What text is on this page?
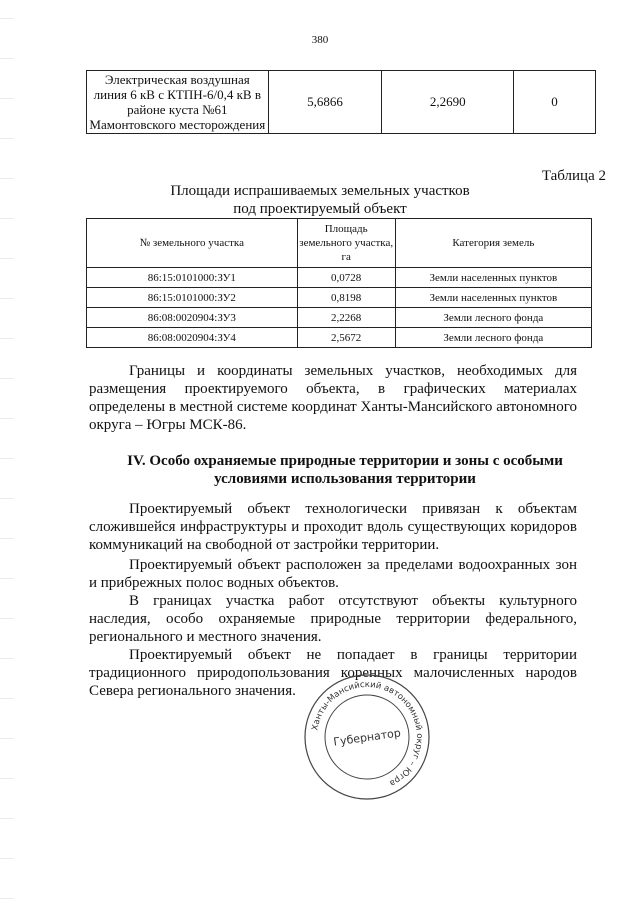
380
Электрическая воздушная линия 6 кВ с КТПН-6/0,4 кВ в районе куста №61 Мамонтовского месторождения	5,6866	2,2690	0
Таблица 2
Площади испрашиваемых земельных участков
под проектируемый объект
№ земельного участка	Площадь земельного участка, га	Категория земель
86:15:0101000:ЗУ1	0,0728	Земли населенных пунктов
86:15:0101000:ЗУ2	0,8198	Земли населенных пунктов
86:08:0020904:ЗУ3	2,2268	Земли лесного фонда
86:08:0020904:ЗУ4	2,5672	Земли лесного фонда

Границы и координаты земельных участков, необходимых для размещения проектируемого объекта, в графических материалах определены в местной системе координат Ханты-Мансийского автономного округа – Югры МСК-86.

IV. Особо охраняемые природные территории и зоны с особыми условиями использования территории

Проектируемый объект технологически привязан к объектам сложившейся инфраструктуры и проходит вдоль существующих коридоров коммуникаций на свободной от застройки территории.

Проектируемый объект расположен за пределами водоохранных зон и прибрежных полос водных объектов.

В границах участка работ отсутствуют объекты культурного наследия, особо охраняемые природные территории федерального, регионального и местного значения.

Проектируемый объект не попадает в границы территории традиционного природопользования коренных малочисленных народов Севера регионального значения.

Ханты-Мансийский автономный округ – Югра
Губернатор
